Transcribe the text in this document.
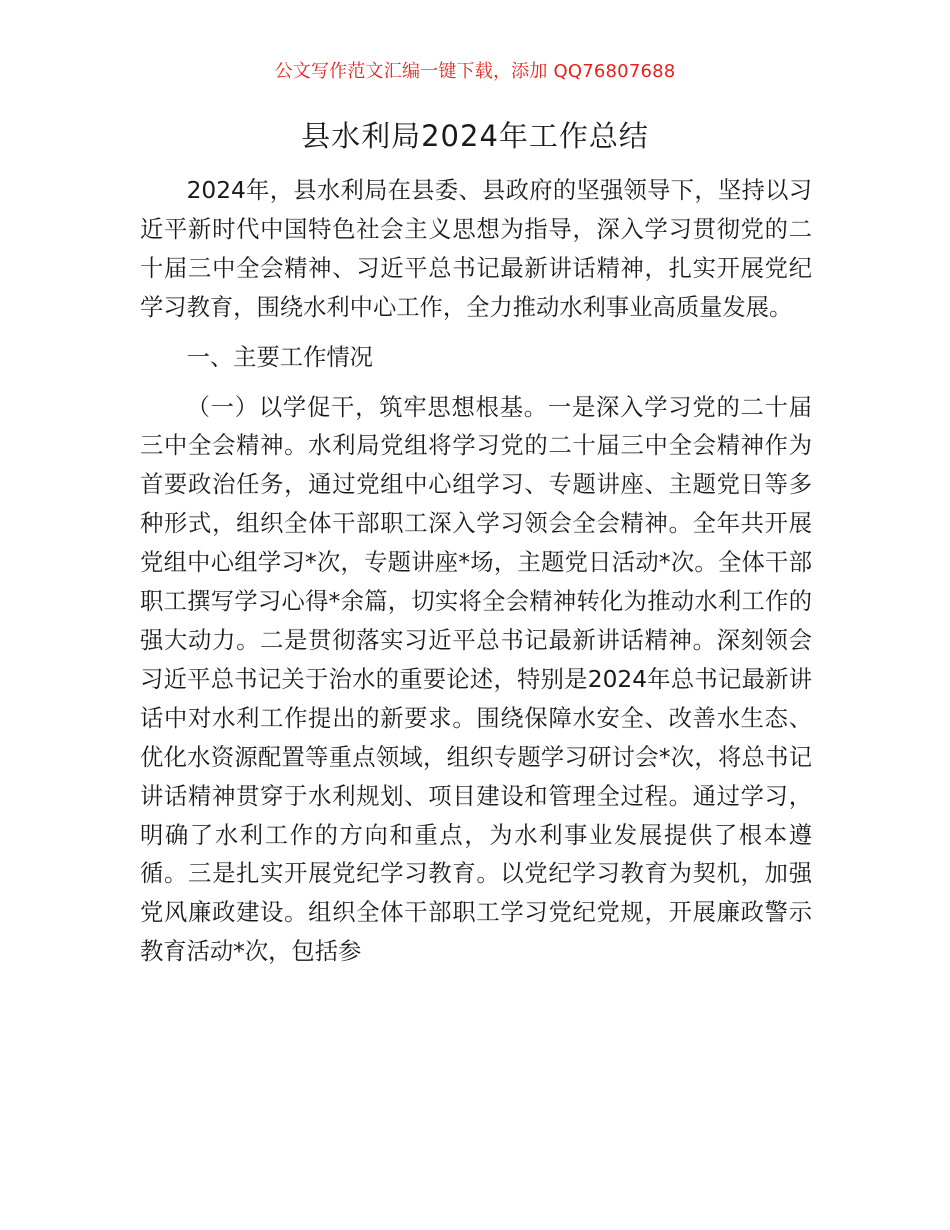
公文写作范文汇编一键下载，添加 QQ76807688
县水利局2024年工作总结

2024年，县水利局在县委、县政府的坚强领导下，坚持以习近平新时代中国特色社会主义思想为指导，深入学习贯彻党的二十届三中全会精神、习近平总书记最新讲话精神，扎实开展党纪学习教育，围绕水利中心工作，全力推动水利事业高质量发展。

一、主要工作情况

（一）以学促干，筑牢思想根基。一是深入学习党的二十届三中全会精神。水利局党组将学习党的二十届三中全会精神作为首要政治任务，通过党组中心组学习、专题讲座、主题党日等多种形式，组织全体干部职工深入学习领会全会精神。全年共开展党组中心组学习*次，专题讲座*场，主题党日活动*次。全体干部职工撰写学习心得*余篇，切实将全会精神转化为推动水利工作的强大动力。二是贯彻落实习近平总书记最新讲话精神。深刻领会习近平总书记关于治水的重要论述，特别是2024年总书记最新讲话中对水利工作提出的新要求。围绕保障水安全、改善水生态、优化水资源配置等重点领域，组织专题学习研讨会*次，将总书记讲话精神贯穿于水利规划、项目建设和管理全过程。通过学习，明确了水利工作的方向和重点，为水利事业发展提供了根本遵循。三是扎实开展党纪学习教育。以党纪学习教育为契机，加强党风廉政建设。组织全体干部职工学习党纪党规，开展廉政警示教育活动*次，包括参
